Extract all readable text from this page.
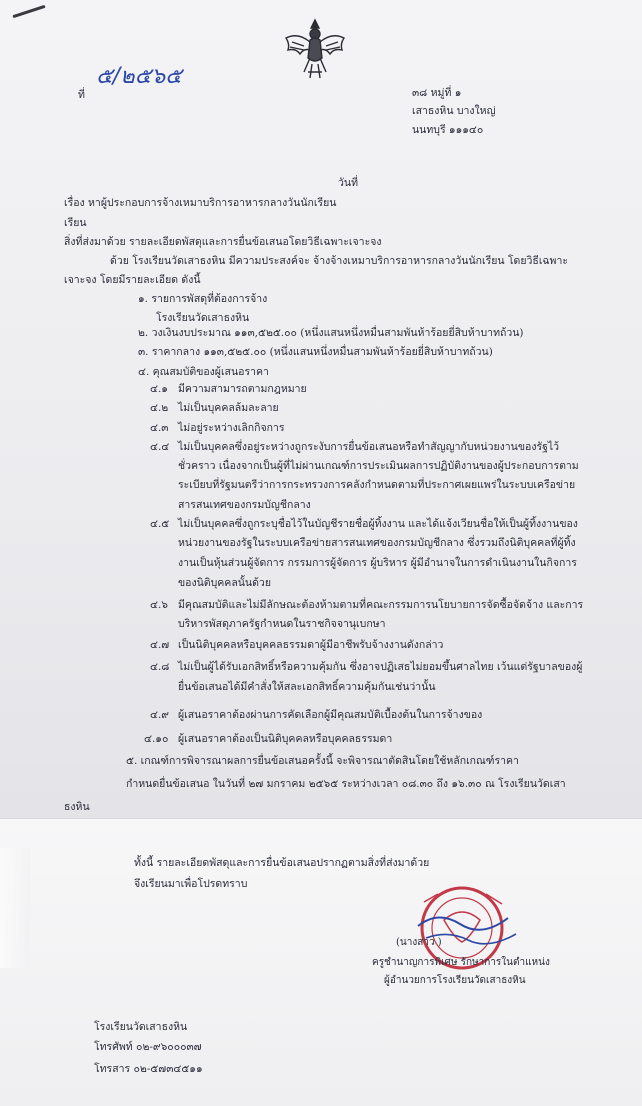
ที่
๕/๒๕๖๕
๓๘ หมู่ที่ ๑
เสาธงหิน บางใหญ่
นนทบุรี ๑๑๑๔๐
วันที่
เรื่อง หาผู้ประกอบการจ้างเหมาบริการอาหารกลางวันนักเรียน
เรียน
สิ่งที่ส่งมาด้วย รายละเอียดพัสดุและการยื่นข้อเสนอโดยวิธีเฉพาะเจาะจง
ด้วย โรงเรียนวัดเสาธงหิน มีความประสงค์จะ จ้างจ้างเหมาบริการอาหารกลางวันนักเรียน โดยวิธีเฉพาะ
เจาะจง โดยมีรายละเอียด ดังนี้
๑. รายการพัสดุที่ต้องการจ้าง
โรงเรียนวัดเสาธงหิน
๒. วงเงินงบประมาณ ๑๑๓,๕๒๕.๐๐ (หนึ่งแสนหนึ่งหมื่นสามพันห้าร้อยยี่สิบห้าบาทถ้วน)
๓. ราคากลาง ๑๑๓,๕๒๕.๐๐ (หนึ่งแสนหนึ่งหมื่นสามพันห้าร้อยยี่สิบห้าบาทถ้วน)
๔. คุณสมบัติของผู้เสนอราคา
๔.๑ มีความสามารถตามกฎหมาย
๔.๒ ไม่เป็นบุคคลล้มละลาย
๔.๓ ไม่อยู่ระหว่างเลิกกิจการ
๔.๔ ไม่เป็นบุคคลซึ่งอยู่ระหว่างถูกระงับการยื่นข้อเสนอหรือทำสัญญากับหน่วยงานของรัฐไว้
ชั่วคราว เนื่องจากเป็นผู้ที่ไม่ผ่านเกณฑ์การประเมินผลการปฏิบัติงานของผู้ประกอบการตาม
ระเบียบที่รัฐมนตรีว่าการกระทรวงการคลังกำหนดตามที่ประกาศเผยแพร่ในระบบเครือข่าย
สารสนเทศของกรมบัญชีกลาง
๔.๕ ไม่เป็นบุคคลซึ่งถูกระบุชื่อไว้ในบัญชีรายชื่อผู้ทิ้งงาน และได้แจ้งเวียนชื่อให้เป็นผู้ทิ้งงานของ
หน่วยงานของรัฐในระบบเครือข่ายสารสนเทศของกรมบัญชีกลาง ซึ่งรวมถึงนิติบุคคลที่ผู้ทิ้ง
งานเป็นหุ้นส่วนผู้จัดการ กรรมการผู้จัดการ ผู้บริหาร ผู้มีอำนาจในการดำเนินงานในกิจการ
ของนิติบุคคลนั้นด้วย
๔.๖ มีคุณสมบัติและไม่มีลักษณะต้องห้ามตามที่คณะกรรมการนโยบายการจัดซื้อจัดจ้าง และการ
บริหารพัสดุภาครัฐกำหนดในราชกิจจานุเบกษา
๔.๗ เป็นนิติบุคคลหรือบุคคลธรรมดาผู้มีอาชีพรับจ้างงานดังกล่าว
๔.๘ ไม่เป็นผู้ได้รับเอกสิทธิ์หรือความคุ้มกัน ซึ่งอาจปฏิเสธไม่ยอมขึ้นศาลไทย เว้นแต่รัฐบาลของผู้
ยื่นข้อเสนอได้มีคำสั่งให้สละเอกสิทธิ์ความคุ้มกันเช่นว่านั้น
๔.๙ ผู้เสนอราคาต้องผ่านการคัดเลือกผู้มีคุณสมบัติเบื้องต้นในการจ้างของ
๔.๑๐ ผู้เสนอราคาต้องเป็นนิติบุคคลหรือบุคคลธรรมดา
๕. เกณฑ์การพิจารณาผลการยื่นข้อเสนอครั้งนี้ จะพิจารณาตัดสินโดยใช้หลักเกณฑ์ราคา
กำหนดยื่นข้อเสนอ ในวันที่ ๒๗ มกราคม ๒๕๖๕ ระหว่างเวลา ๐๘.๓๐ ถึง ๑๖.๓๐ ณ โรงเรียนวัดเสา
ธงหิน
ทั้งนี้ รายละเอียดพัสดุและการยื่นข้อเสนอปรากฏตามสิ่งที่ส่งมาด้วย
จึงเรียนมาเพื่อโปรดทราบ
(นางสาว )
ครูชำนาญการพิเศษ รักษาการในตำแหน่ง
ผู้อำนวยการโรงเรียนวัดเสาธงหิน
โรงเรียนวัดเสาธงหิน
โทรศัพท์ ๐๒-๙๖๐๐๐๓๗
โทรสาร ๐๒-๕๗๓๔๕๑๑
